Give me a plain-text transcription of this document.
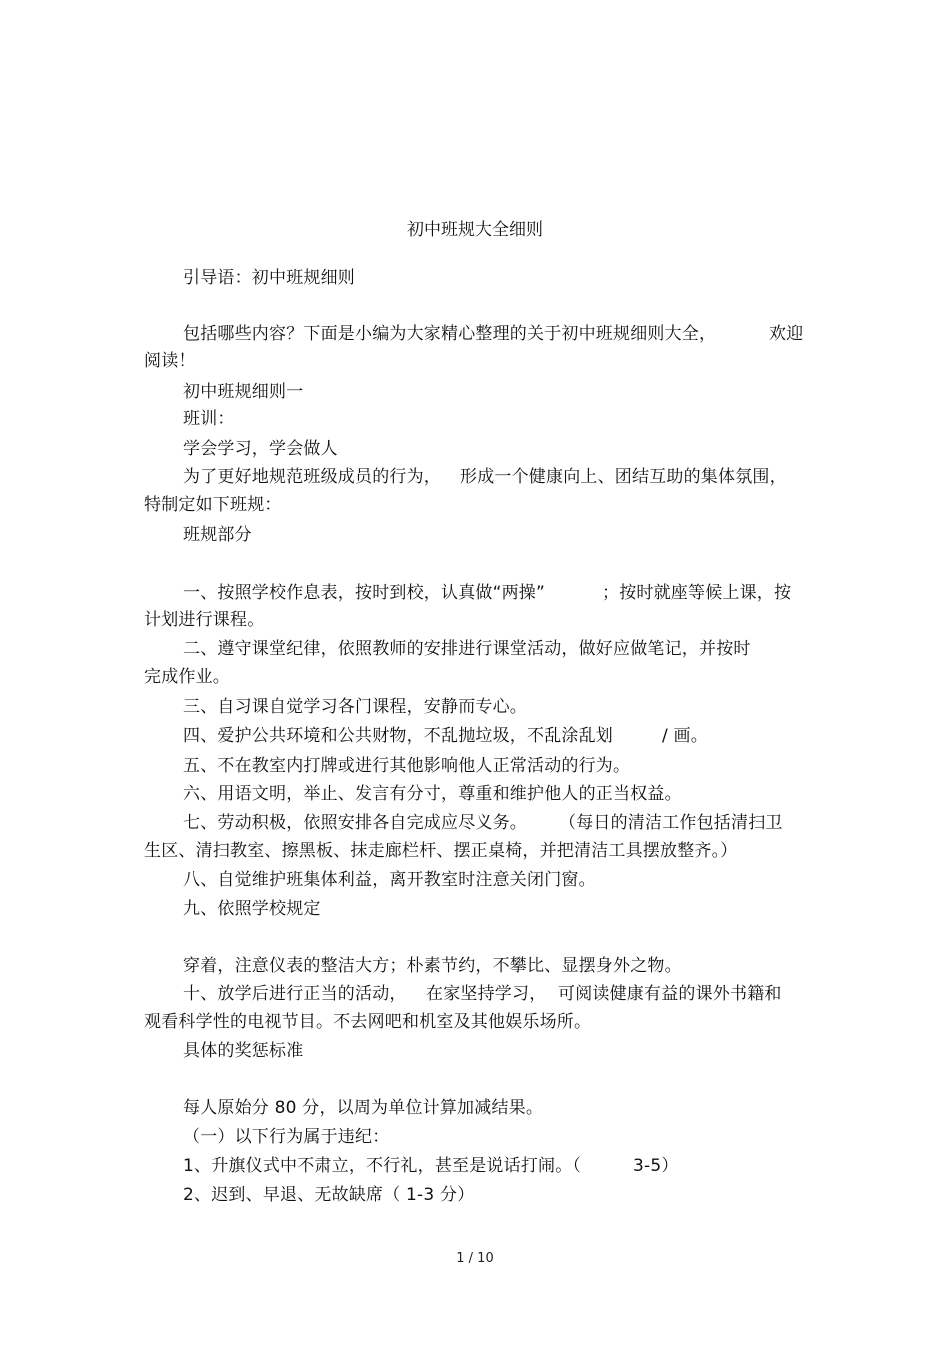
初中班规大全细则
引导语：初中班规细则
包括哪些内容？下面是小编为大家精心整理的关于初中班规细则大全，	欢迎
阅读！
初中班规细则一
班训：
学会学习，学会做人
为了更好地规范班级成员的行为， 形成一个健康向上、团结互助的集体氛围，
特制定如下班规：
班规部分
一、按照学校作息表，按时到校，认真做“两操”	；按时就座等候上课，按
计划进行课程。
二、遵守课堂纪律，依照教师的安排进行课堂活动，做好应做笔记，并按时
完成作业。
三、自习课自觉学习各门课程，安静而专心。
四、爱护公共环境和公共财物，不乱抛垃圾，不乱涂乱划	/ 画。
五、不在教室内打牌或进行其他影响他人正常活动的行为。
六、用语文明，举止、发言有分寸，尊重和维护他人的正当权益。
七、劳动积极，依照安排各自完成应尽义务。 （每日的清洁工作包括清扫卫
生区、清扫教室、擦黑板、抹走廊栏杆、摆正桌椅，并把清洁工具摆放整齐。）
八、自觉维护班集体利益，离开教室时注意关闭门窗。
九、依照学校规定
穿着，注意仪表的整洁大方；朴素节约，不攀比、显摆身外之物。
十、放学后进行正当的活动， 在家坚持学习， 可阅读健康有益的课外书籍和
观看科学性的电视节目。不去网吧和机室及其他娱乐场所。
具体的奖惩标准
每人原始分 80 分，以周为单位计算加减结果。
（一）以下行为属于违纪：
1、升旗仪式中不肃立，不行礼，甚至是说话打闹。（	3-5）
2、迟到、早退、无故缺席（ 1-3 分）
1 / 10
